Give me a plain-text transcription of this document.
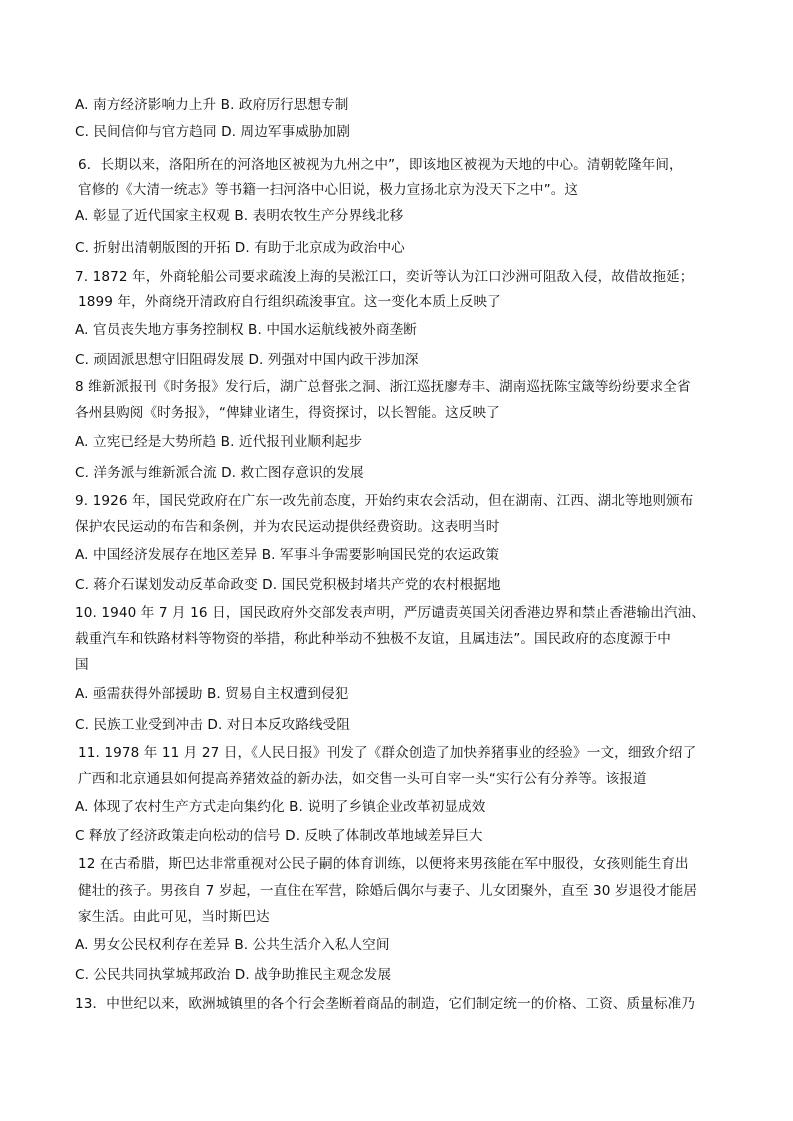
A. 南方经济影响力上升 B. 政府厉行思想专制
C. 民间信仰与官方趋同 D. 周边军事威胁加剧
6．长期以来，洛阳所在的河洛地区被视为九州之中”，即该地区被视为天地的中心。清朝乾隆年间，
官修的《大清一统志》等书籍一扫河洛中心旧说，极力宣扬北京为没天下之中”。这
A. 彰显了近代国家主权观 B. 表明农牧生产分界线北移
C. 折射出清朝版图的开拓 D. 有助于北京成为政治中心
7. 1872 年，外商轮船公司要求疏浚上海的吴淞江口，奕䜣等认为江口沙洲可阻敌入侵，故借故拖延；
1899 年，外商绕开清政府自行组织疏浚事宜。这一变化本质上反映了
A. 官员丧失地方事务控制权 B. 中国水运航线被外商垄断
C. 顽固派思想守旧阻碍发展 D. 列强对中国内政干涉加深
8 维新派报刊《时务报》发行后，湖广总督张之洞、浙江巡抚廖寿丰、湖南巡抚陈宝箴等纷纷要求全省
各州县购阅《时务报》，“俾肄业诸生，得资探讨，以长智能。这反映了
A. 立宪已经是大势所趋 B. 近代报刊业顺利起步
C. 洋务派与维新派合流 D. 救亡图存意识的发展
9. 1926 年，国民党政府在广东一改先前态度，开始约束农会活动，但在湖南、江西、湖北等地则颁布
保护农民运动的布告和条例，并为农民运动提供经费资助。这表明当时
A. 中国经济发展存在地区差异 B. 军事斗争需要影响国民党的农运政策
C. 蒋介石谋划发动反革命政变 D. 国民党积极封堵共产党的农村根据地
10. 1940 年 7 月 16 日，国民政府外交部发表声明，严厉谴责英国关闭香港边界和禁止香港输出汽油、
载重汽车和铁路材料等物资的举措，称此种举动不独极不友谊，且属违法”。国民政府的态度源于中
国
A. 亟需获得外部援助 B. 贸易自主权遭到侵犯
C. 民族工业受到冲击 D. 对日本反攻路线受阻
11. 1978 年 11 月 27 日，《人民日报》刊发了《群众创造了加快养猪事业的经验》一文，细致介绍了
广西和北京通县如何提高养猪效益的新办法，如交售一头可自宰一头“实行公有分养等。该报道
A. 体现了农村生产方式走向集约化 B. 说明了乡镇企业改革初显成效
C 释放了经济政策走向松动的信号 D. 反映了体制改革地域差异巨大
12 在古希腊，斯巴达非常重视对公民子嗣的体育训练，以便将来男孩能在军中服役，女孩则能生育出
健壮的孩子。男孩自 7 岁起，一直住在军营，除婚后偶尔与妻子、儿女团聚外，直至 30 岁退役才能居
家生活。由此可见，当时斯巴达
A. 男女公民权利存在差异 B. 公共生活介入私人空间
C. 公民共同执掌城邦政治 D. 战争助推民主观念发展
13．中世纪以来，欧洲城镇里的各个行会垄断着商品的制造，它们制定统一的价格、工资、质量标准乃
